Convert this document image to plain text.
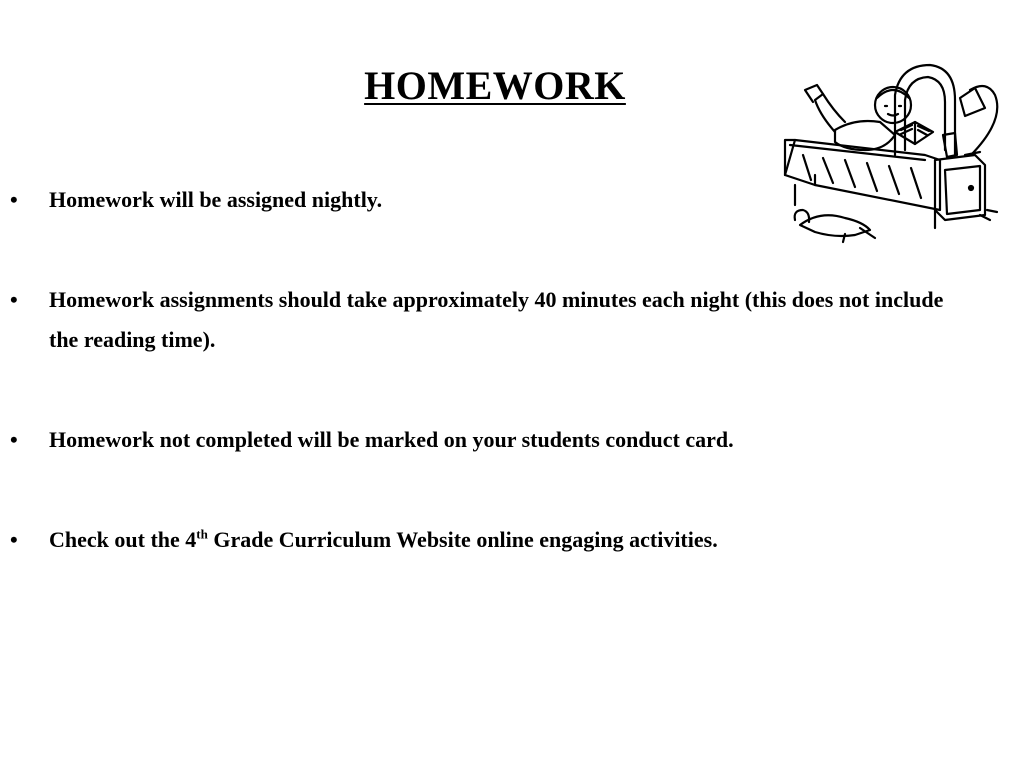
HOMEWORK
• Homework will be assigned nightly.
• Homework assignments should take approximately 40 minutes each night (this does not include the reading time).
• Homework not completed will be marked on your students conduct card.
• Check out the 4th Grade Curriculum Website online engaging activities.
